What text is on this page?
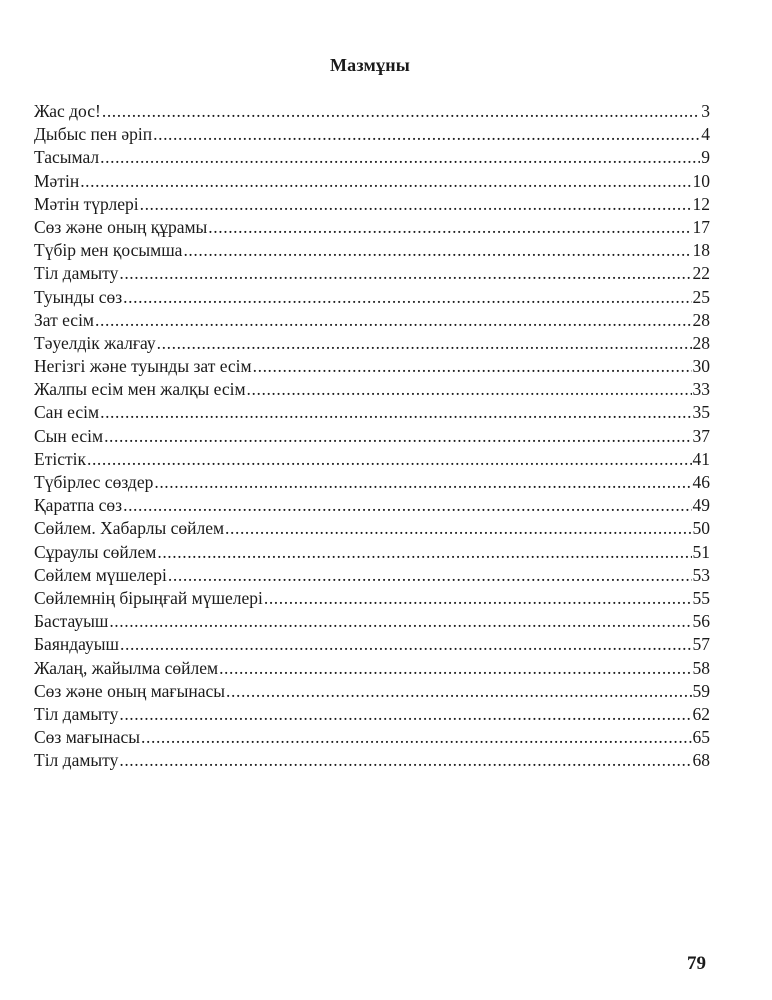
Мазмұны
Жас дос! .....	3
Дыбыс пен әріп .....	4
Тасымал .....	9
Мәтін .....	10
Мәтін түрлері .....	12
Сөз және оның құрамы .....	17
Түбір мен қосымша .....	18
Тіл дамыту .....	22
Туынды сөз .....	25
Зат есім .....	28
Тәуелдік жалғау .....	28
Негізгі және туынды зат есім .....	30
Жалпы есім мен жалқы есім .....	33
Сан есім .....	35
Сын есім .....	37
Етістік .....	41
Түбірлес сөздер .....	46
Қаратпа сөз .....	49
Сөйлем. Хабарлы сөйлем .....	50
Сұраулы сөйлем .....	51
Сөйлем мүшелері .....	53
Сөйлемнің бірыңғай мүшелері .....	55
Бастауыш .....	56
Баяндауыш .....	57
Жалаң, жайылма сөйлем .....	58
Сөз және оның мағынасы .....	59
Тіл дамыту .....	62
Сөз мағынасы .....	65
Тіл дамыту .....	68
79
